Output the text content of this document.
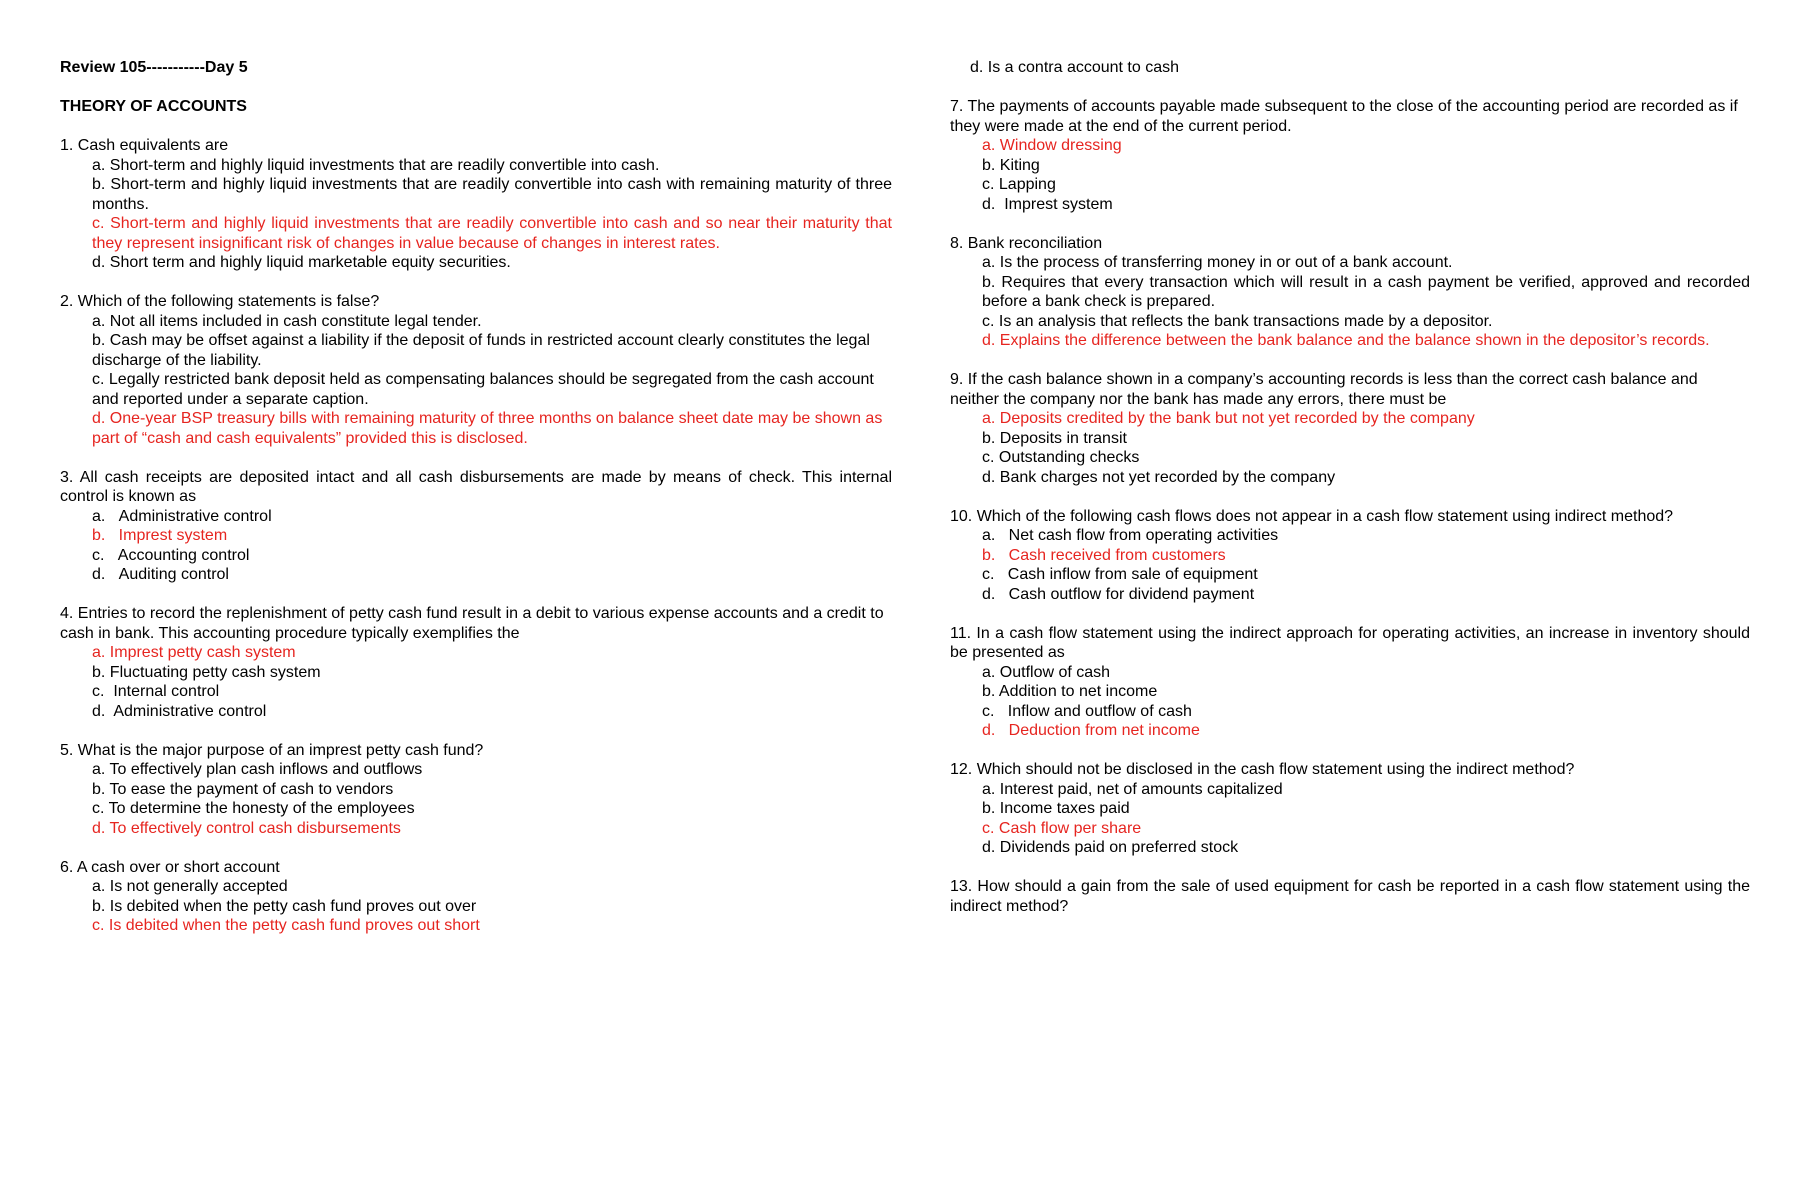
Review 105-----------Day 5

THEORY OF ACCOUNTS

1. Cash equivalents are

a. Short-term and highly liquid investments that are readily convertible into cash.

b. Short-term and highly liquid investments that are readily convertible into cash with remaining maturity of three months.

c. Short-term and highly liquid investments that are readily convertible into cash and so near their maturity that they represent insignificant risk of changes in value because of changes in interest rates.

d. Short term and highly liquid marketable equity securities.

2. Which of the following statements is false?

a. Not all items included in cash constitute legal tender.

b. Cash may be offset against a liability if the deposit of funds in restricted account clearly constitutes the legal discharge of the liability.

c. Legally restricted bank deposit held as compensating balances should be segregated from the cash account and reported under a separate caption.

d. One-year BSP treasury bills with remaining maturity of three months on balance sheet date may be shown as part of “cash and cash equivalents” provided this is disclosed.

3. All cash receipts are deposited intact and all cash disbursements are made by means of check. This internal control is known as

a.   Administrative control

b.   Imprest system

c.   Accounting control

d.   Auditing control

4. Entries to record the replenishment of petty cash fund result in a debit to various expense accounts and a credit to cash in bank. This accounting procedure typically exemplifies the

a. Imprest petty cash system

b. Fluctuating petty cash system

c.  Internal control

d.  Administrative control

5. What is the major purpose of an imprest petty cash fund?

a. To effectively plan cash inflows and outflows

b. To ease the payment of cash to vendors

c. To determine the honesty of the employees

d. To effectively control cash disbursements

6. A cash over or short account

a. Is not generally accepted

b. Is debited when the petty cash fund proves out over

c. Is debited when the petty cash fund proves out short

d. Is a contra account to cash

7. The payments of accounts payable made subsequent to the close of the accounting period are recorded as if they were made at the end of the current period.

a. Window dressing

b. Kiting

c. Lapping

d.  Imprest system

8. Bank reconciliation

a. Is the process of transferring money in or out of a bank account.

b. Requires that every transaction which will result in a cash payment be verified, approved and recorded before a bank check is prepared.

c. Is an analysis that reflects the bank transactions made by a depositor.

d. Explains the difference between the bank balance and the balance shown in the depositor’s records.

9. If the cash balance shown in a company’s accounting records is less than the correct cash balance and neither the company nor the bank has made any errors, there must be

a. Deposits credited by the bank but not yet recorded by the company

b. Deposits in transit

c. Outstanding checks

d. Bank charges not yet recorded by the company

10. Which of the following cash flows does not appear in a cash flow statement using indirect method?

a.   Net cash flow from operating activities

b.   Cash received from customers

c.   Cash inflow from sale of equipment

d.   Cash outflow for dividend payment

11. In a cash flow statement using the indirect approach for operating activities, an increase in inventory should be presented as

a. Outflow of cash

b. Addition to net income

c.   Inflow and outflow of cash

d.   Deduction from net income

12. Which should not be disclosed in the cash flow statement using the indirect method?

a. Interest paid, net of amounts capitalized

b. Income taxes paid

c. Cash flow per share

d. Dividends paid on preferred stock

13. How should a gain from the sale of used equipment for cash be reported in a cash flow statement using the indirect method?
